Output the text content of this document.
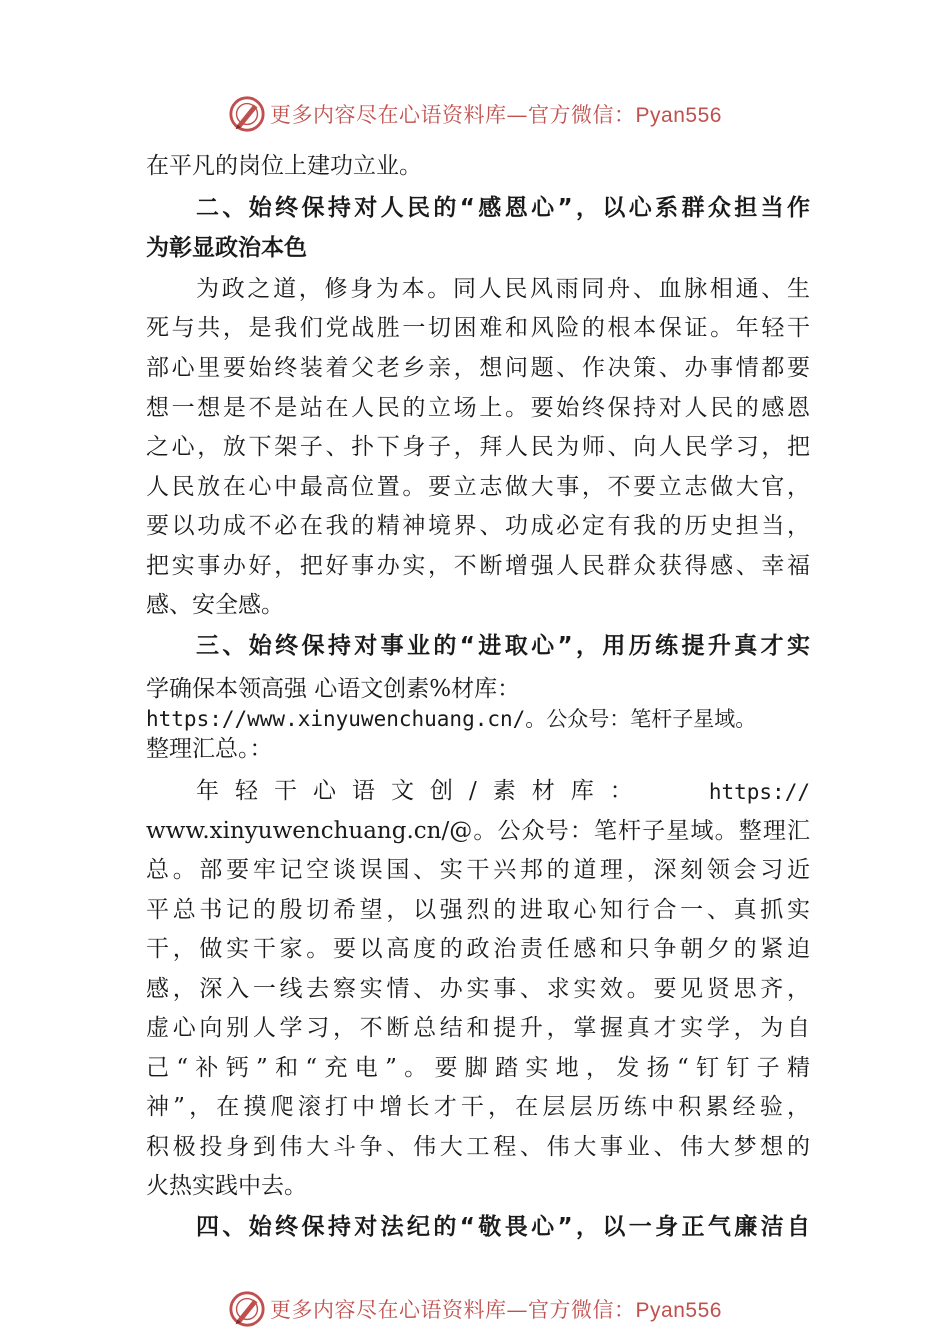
更多内容尽在心语资料库—官方微信：Pyan556
在平凡的岗位上建功立业。
二、始终保持对人民的“感恩心”，以心系群众担当作
为彰显政治本色
为政之道，修身为本。同人民风雨同舟、血脉相通、生
死与共，是我们党战胜一切困难和风险的根本保证。年轻干
部心里要始终装着父老乡亲，想问题、作决策、办事情都要
想一想是不是站在人民的立场上。要始终保持对人民的感恩
之心，放下架子、扑下身子，拜人民为师、向人民学习，把
人民放在心中最高位置。要立志做大事，不要立志做大官，
要以功成不必在我的精神境界、功成必定有我的历史担当，
把实事办好，把好事办实，不断增强人民群众获得感、幸福
感、安全感。
三、始终保持对事业的“进取心”，用历练提升真才实
学确保本领高强 心语文创素%材库：
https://www.xinyuwenchuang.cn/。公众号：笔杆子星域。
整理汇总。：
年轻干心语文创/素材库：	https://
www.xinyuwenchuang.cn/@。公众号：笔杆子星域。整理汇
总。部要牢记空谈误国、实干兴邦的道理，深刻领会习近
平总书记的殷切希望，以强烈的进取心知行合一、真抓实
干，做实干家。要以高度的政治责任感和只争朝夕的紧迫
感，深入一线去察实情、办实事、求实效。要见贤思齐，
虚心向别人学习，不断总结和提升，掌握真才实学，为自
己“补钙”和“充电”。要脚踏实地，发扬“钉钉子精
神”，在摸爬滚打中增长才干，在层层历练中积累经验，
积极投身到伟大斗争、伟大工程、伟大事业、伟大梦想的
火热实践中去。
四、始终保持对法纪的“敬畏心”，以一身正气廉洁自
更多内容尽在心语资料库—官方微信：Pyan556
